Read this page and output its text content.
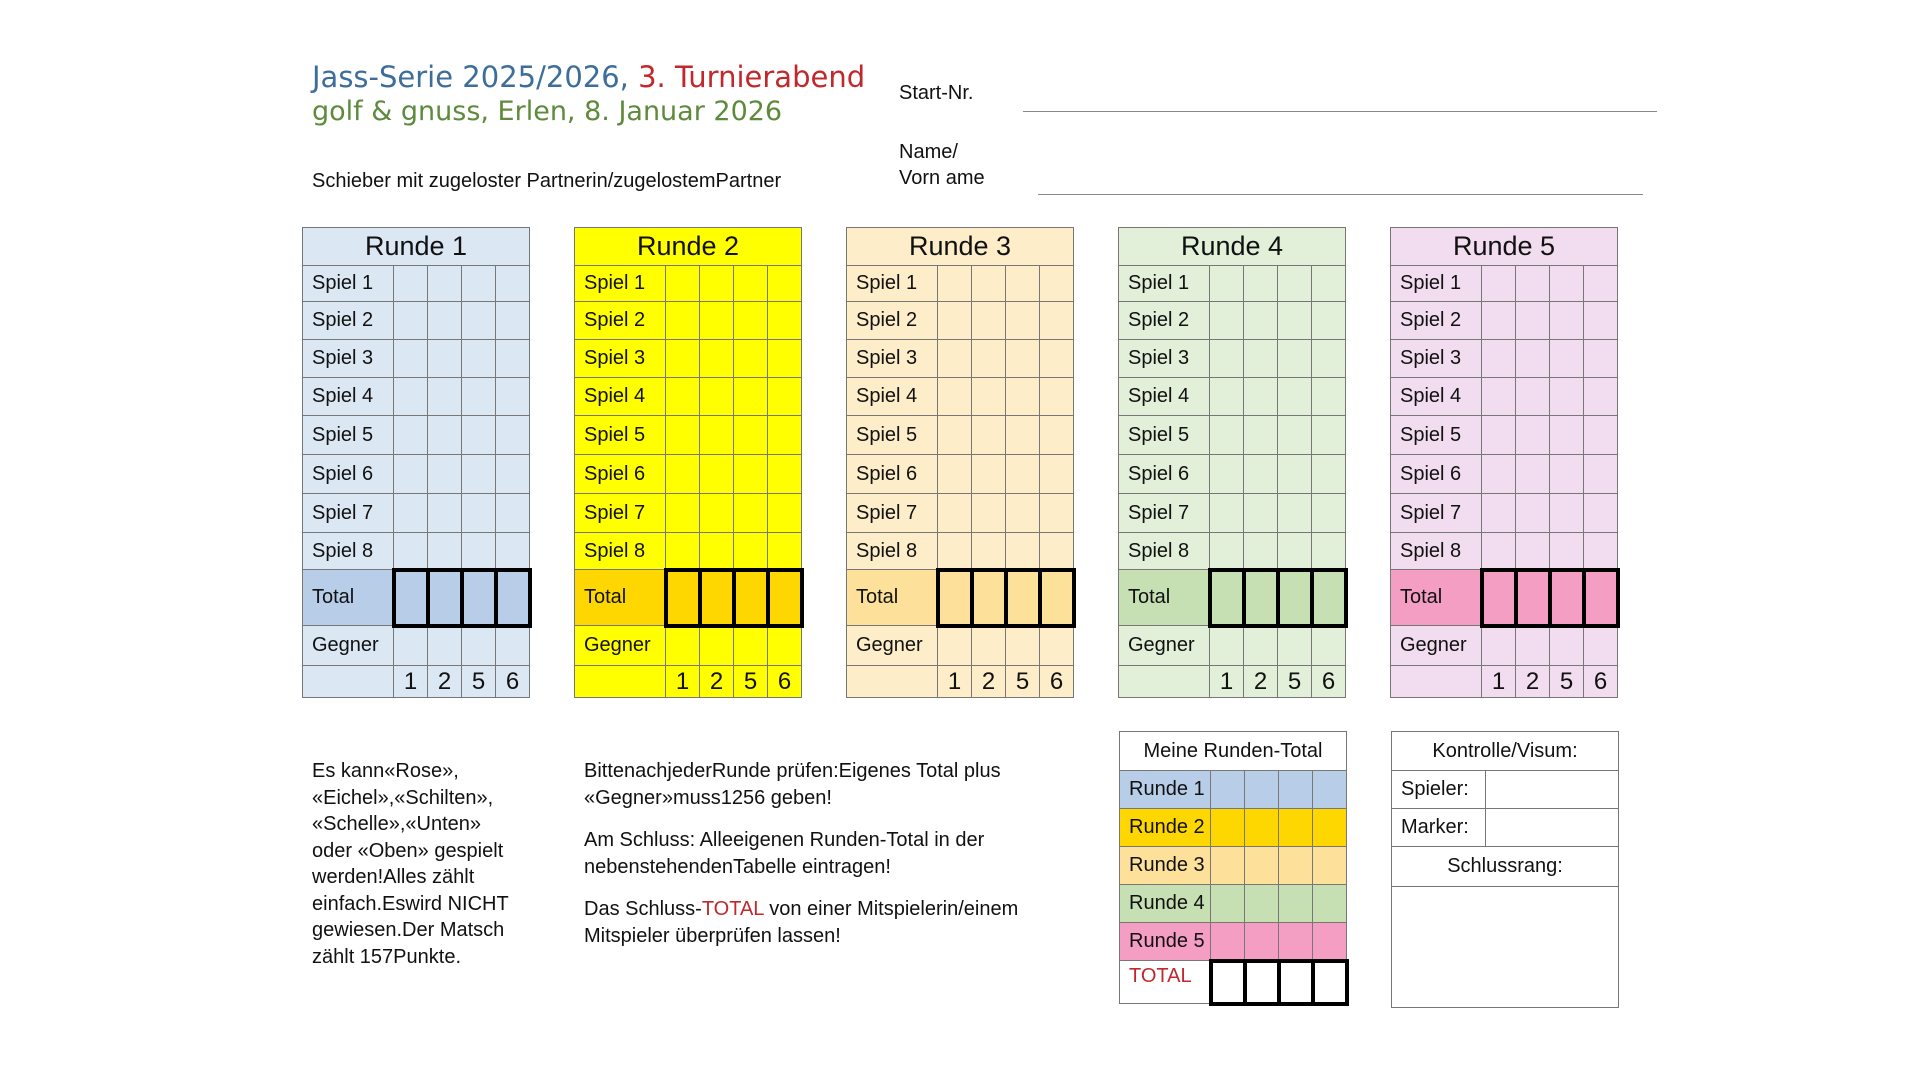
Jass-Serie 2025/2026, 3. Turnierabend
golf & gnuss, Erlen, 8. Januar 2026
Schieber mit zugeloster Partnerin/zugelostemPartner
Start-Nr.
Name/
Vorn ame
Runde 1				
Spiel 1				
Spiel 2				
Spiel 3				
Spiel 4				
Spiel 5				
Spiel 6				
Spiel 7				
Spiel 8				
Total				
Gegner				
	1	2	5	6
Runde 2				
Spiel 1				
Spiel 2				
Spiel 3				
Spiel 4				
Spiel 5				
Spiel 6				
Spiel 7				
Spiel 8				
Total				
Gegner				
	1	2	5	6
Runde 3				
Spiel 1				
Spiel 2				
Spiel 3				
Spiel 4				
Spiel 5				
Spiel 6				
Spiel 7				
Spiel 8				
Total				
Gegner				
	1	2	5	6
Runde 4				
Spiel 1				
Spiel 2				
Spiel 3				
Spiel 4				
Spiel 5				
Spiel 6				
Spiel 7				
Spiel 8				
Total				
Gegner				
	1	2	5	6
Runde 5				
Spiel 1				
Spiel 2				
Spiel 3				
Spiel 4				
Spiel 5				
Spiel 6				
Spiel 7				
Spiel 8				
Total				
Gegner				
	1	2	5	6
Es kann«Rose»,
«Eichel»,«Schilten»,
«Schelle»,«Unten»
oder «Oben» gespielt
werden!Alles zählt
einfach.Eswird NICHT
gewiesen.Der Matsch
zählt 157Punkte.

BittenachjederRunde prüfen:Eigenes Total plus
«Gegner»muss1256 geben!

Am Schluss: Alleeigenen Runden-Total in der
nebenstehendenTabelle eintragen!

Das Schluss-TOTAL von einer Mitspielerin/einem
Mitspieler überprüfen lassen!

Meine Runden-Total				
Runde 1				
Runde 2				
Runde 3				
Runde 4				
Runde 5				
TOTAL				
Kontrolle/Visum:	
Spieler:	
Marker:	
Schlussrang:	
